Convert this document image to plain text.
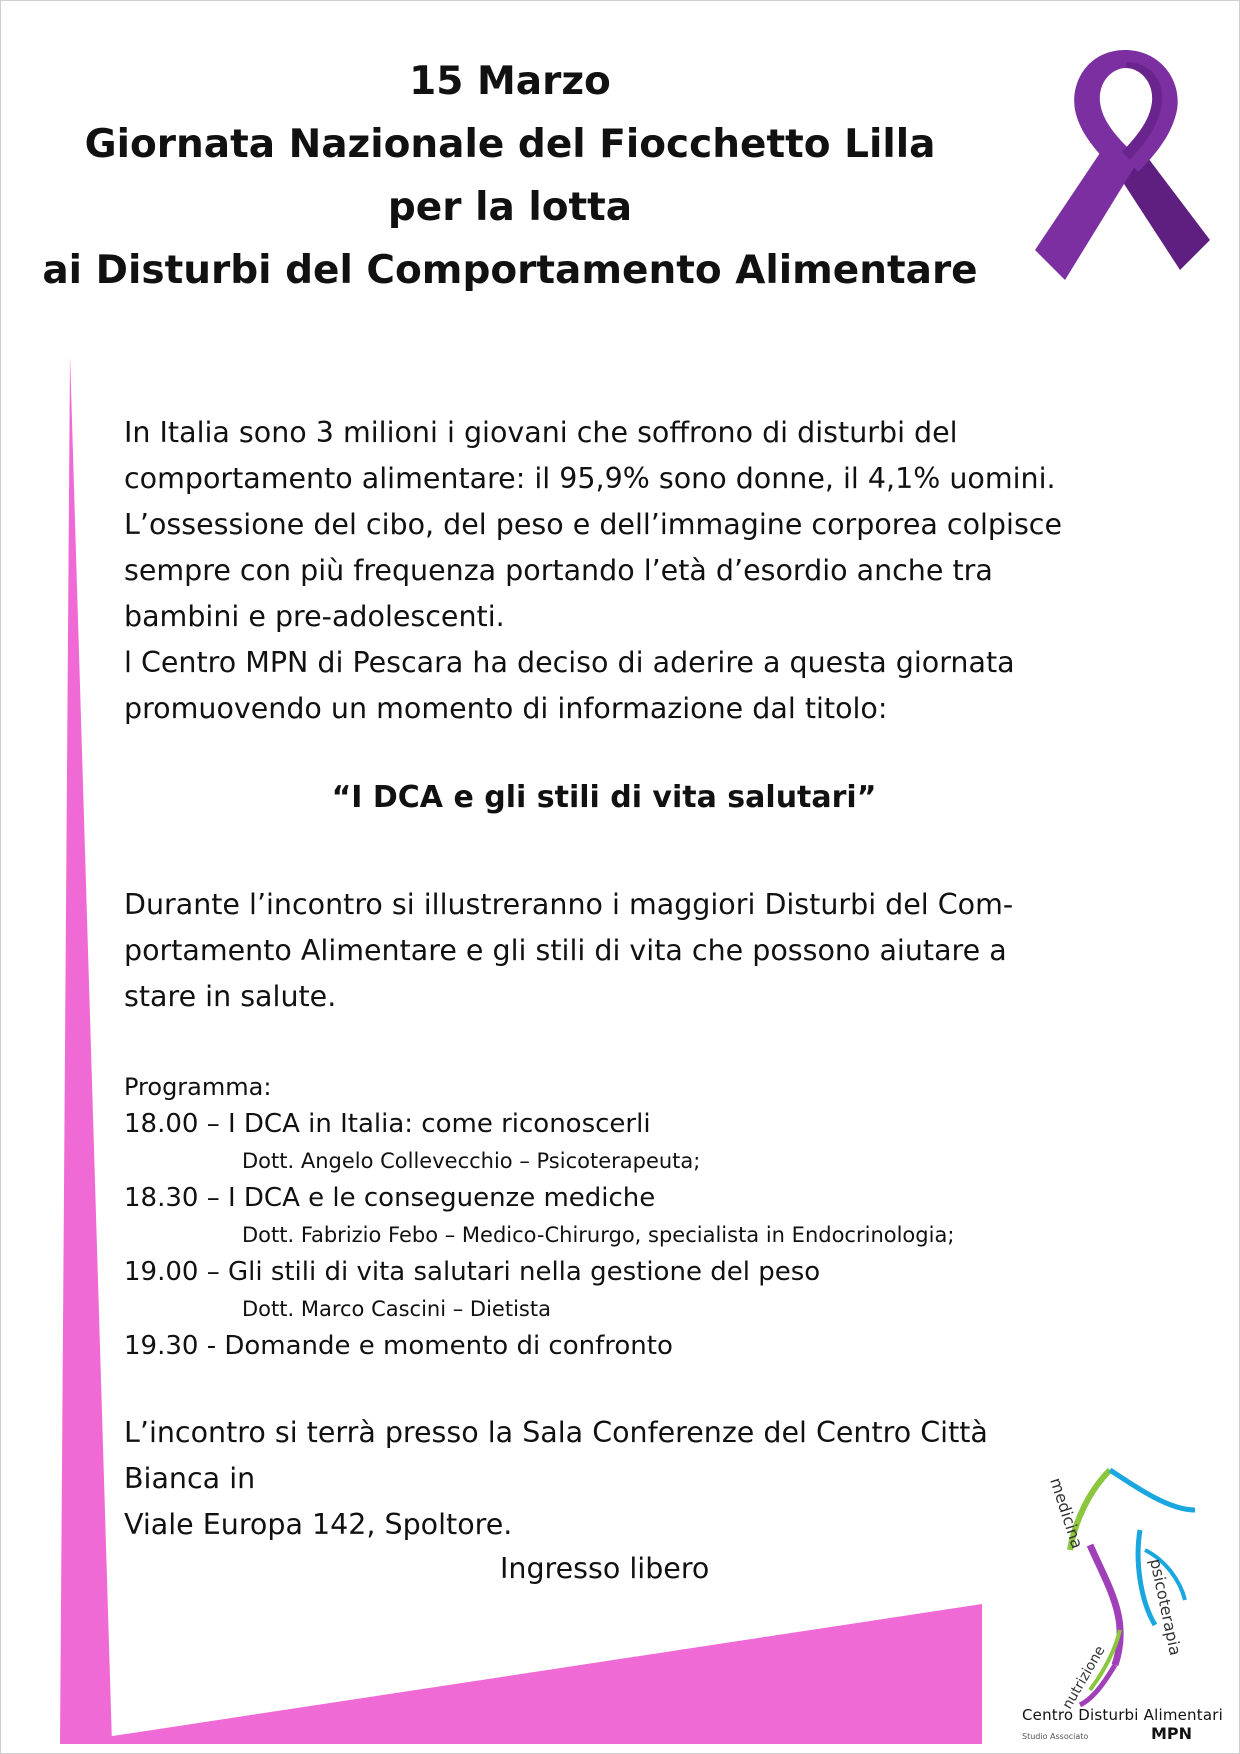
15 Marzo
Giornata Nazionale del Fiocchetto Lilla
per la lotta
ai Disturbi del Comportamento Alimentare

In Italia sono 3 milioni i giovani che soffrono di disturbi del

comportamento alimentare: il 95,9% sono donne, il 4,1% uomini.

L’ossessione del cibo, del peso e dell’immagine corporea colpisce

sempre con più frequenza portando l’età d’esordio anche tra

bambini e pre-adolescenti.

l Centro MPN di Pescara ha deciso di aderire a questa giornata

promuovendo un momento di informazione dal titolo:

“I DCA e gli stili di vita salutari”

Durante l’incontro si illustreranno i maggiori Disturbi del Com-

portamento Alimentare e gli stili di vita che possono aiutare a

stare in salute.

Programma:
18.00 – I DCA in Italia: come riconoscerli
Dott. Angelo Collevecchio – Psicoterapeuta;
18.30 – I DCA e le conseguenze mediche
Dott. Fabrizio Febo – Medico-Chirurgo, specialista in Endocrinologia;
19.00 – Gli stili di vita salutari nella gestione del peso
Dott. Marco Cascini – Dietista
19.30 - Domande e momento di confronto

L’incontro si terrà presso la Sala Conferenze del Centro Città

Bianca in

Viale Europa 142, Spoltore.

Ingresso libero
medicina
psicoterapia
nutrizione
Centro Disturbi Alimentari
Studio Associato	MPN
